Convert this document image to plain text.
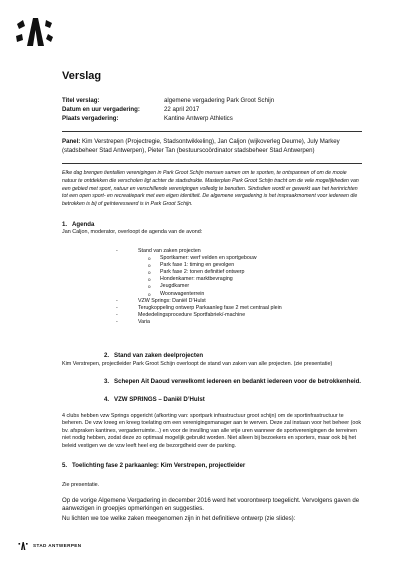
Verslag
Titel verslag:	algemene vergadering Park Groot Schijn
Datum en uur vergadering:	22 april 2017
Plaats vergadering:	Kantine Antwerp Athletics
Panel: Kim Verstrepen (Projectregie, Stadsontwikkeling), Jan Caljon (wijkoverleg Deurne), July Markey (stadsbeheer Stad Antwerpen), Pieter Tan (bestuurscoördinator stadsbeheer Stad Antwerpen)
Elke dag brengen tientallen verenigingen in Park Groot Schijn mensen samen om te sporten, te ontspannen of om de mooie natuur te ontdekken die verscholen ligt achter de stadsdrukte. Masterplan Park Groot Schijn tracht om de vele mogelijkheden van een gebied met sport, natuur en verschillende verenigingen volledig te benutten. Sindsdien wordt er gewerkt aan het herinrichten tot een open sport- en recreatiepark met een eigen identiteit. De algemene vergadering is het inspraakmoment voor iedereen die betrokken is bij of geïnteresseerd is in Park Groot Schijn.
1. Agenda
Jan Caljon, moderator, overloopt de agenda van de avond:
- Stand van zaken projecten
o Sportkamer: werf velden en sportgebouw
o Park fase 1: timing en gevolgen
o Park fase 2: tonen definitief ontwerp
o Hondenkamer: marktbevraging
o Jeugdkamer
o Woonwagenterrein
- VZW Springs: Daniël D’Hulst
- Terugkoppeling ontwerp Parkaanleg fase 2 met centraal plein
- Mededelingsprocedure Sportfabriek/-machine
- Varia
2. Stand van zaken deelprojecten
Kim Verstrepen, projectleider Park Groot Schijn overloopt de stand van zaken van alle projecten. (zie presentatie)
3. Schepen Ait Daoud verwelkomt iedereen en bedankt iedereen voor de betrokkenheid.
4. VZW SPRINGS – Daniël D’Hulst
4 clubs hebben vzw Springs opgericht (afkorting van: sportpark infrastructuur groot schijn) om de sportinfrastructuur te beheren. De vzw kreeg en kreeg toelating om een verenigingsmanager aan te werven. Deze zal instaan voor het beheer (ook bv. afspraken kantines, vergaderruimte...) en voor de invulling van alle vrije uren wanneer de sportverenigingen de terreinen niet nodig hebben, zodat deze zo optimaal mogelijk gebruikt worden. Niet alleen bij bezoekers en sporters, maar ook bij het beleid vestigen we de vzw leeft heel erg de bezorgdheid over de parking.
5. Toelichting fase 2 parkaanleg: Kim Verstrepen, projectleider
Zie presentatie.
Op de vorige Algemene Vergadering in december 2016 werd het voorontwerp toegelicht. Vervolgens gaven de aanwezigen in groepjes opmerkingen en suggesties.
Nu lichten we toe welke zaken meegenomen zijn in het definitieve ontwerp (zie slides):
STAD ANTWERPEN
